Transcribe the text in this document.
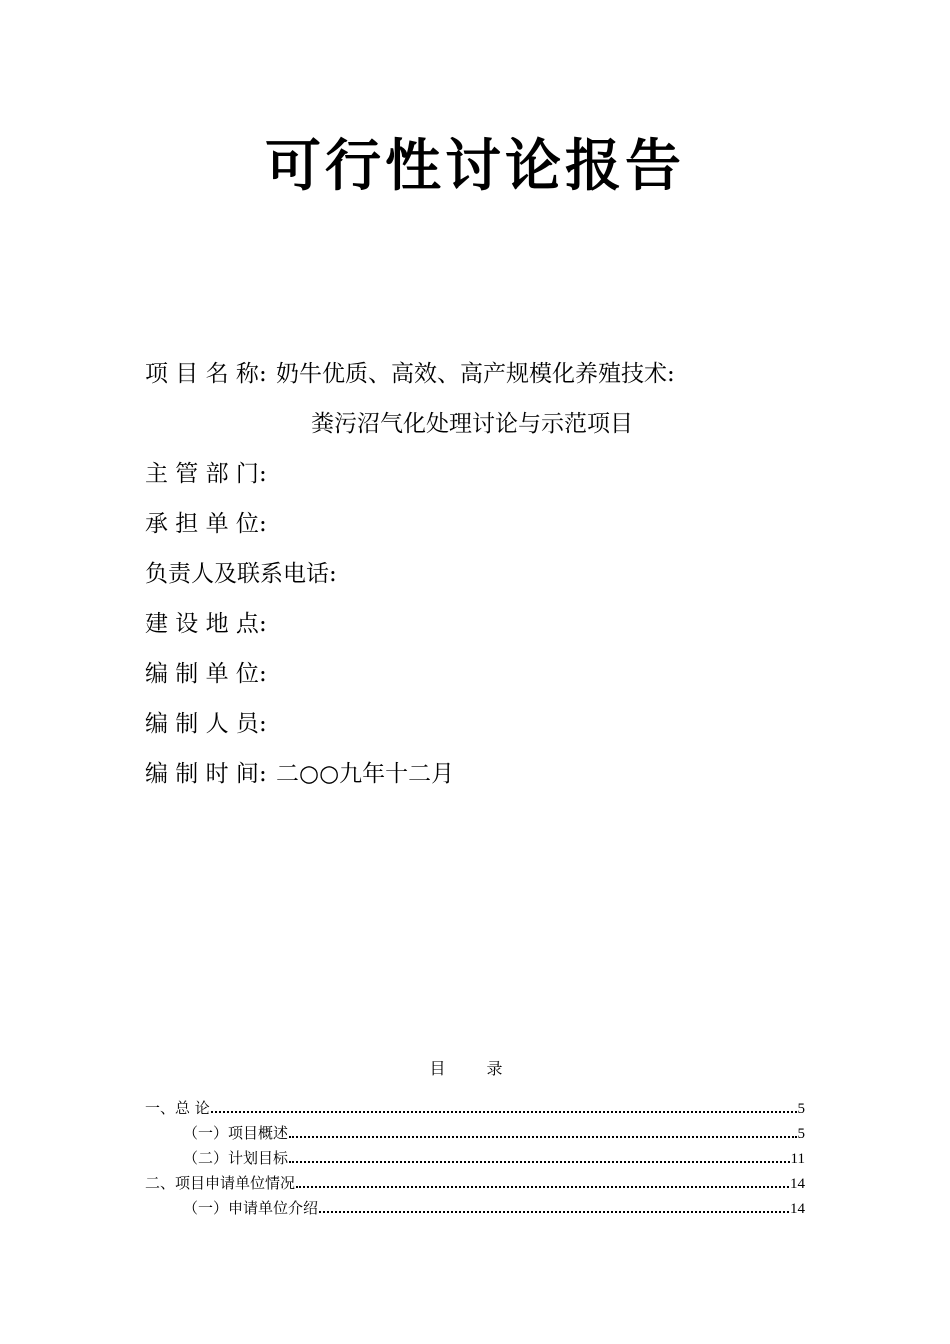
可行性讨论报告
项 目 名 称: 奶牛优质、高效、高产规模化养殖技术:
粪污沼气化处理讨论与示范项目
主 管 部 门:
承 担 单 位:
负责人及联系电话:
建 设 地 点:
编 制 单 位:
编 制 人 员:
编 制 时 间: 二○○九年十二月
目 录
一、总 论	5
（一）项目概述	5
（二）计划目标	11
二、项目申请单位情况	14
（一）申请单位介绍	14
